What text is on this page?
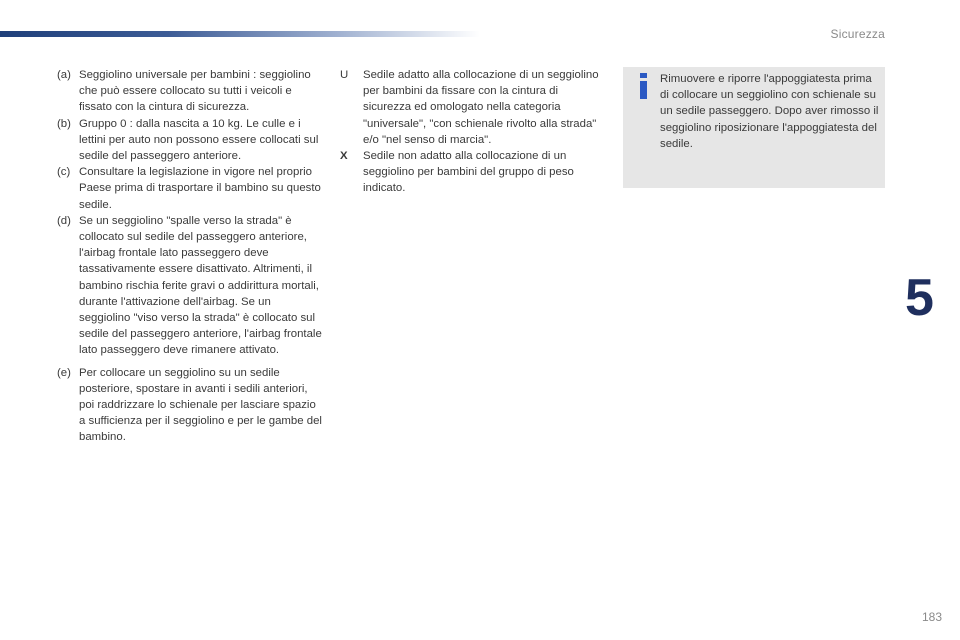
Sicurezza
(a) Seggiolino universale per bambini : seggiolino che può essere collocato su tutti i veicoli e fissato con la cintura di sicurezza.
(b) Gruppo 0 : dalla nascita a 10 kg. Le culle e i lettini per auto non possono essere collocati sul sedile del passeggero anteriore.
(c) Consultare la legislazione in vigore nel proprio Paese prima di trasportare il bambino su questo sedile.
(d) Se un seggiolino "spalle verso la strada" è collocato sul sedile del passeggero anteriore, l'airbag frontale lato passeggero deve tassativamente essere disattivato. Altrimenti, il bambino rischia ferite gravi o addirittura mortali, durante l'attivazione dell'airbag. Se un seggiolino "viso verso la strada" è collocato sul sedile del passeggero anteriore, l'airbag frontale lato passeggero deve rimanere attivato.
(e) Per collocare un seggiolino su un sedile posteriore, spostare in avanti i sedili anteriori, poi raddrizzare lo schienale per lasciare spazio a sufficienza per il seggiolino e per le gambe del bambino.
U	Sedile adatto alla collocazione di un seggiolino per bambini da fissare con la cintura di sicurezza ed omologato nella categoria "universale", "con schienale rivolto alla strada" e/o "nel senso di marcia".
X	Sedile non adatto alla collocazione di un seggiolino per bambini del gruppo di peso indicato.
Rimuovere e riporre l'appoggiatesta prima di collocare un seggiolino con schienale su un sedile passeggero. Dopo aver rimosso il seggiolino riposizionare l'appoggiatesta del sedile.
5
183
